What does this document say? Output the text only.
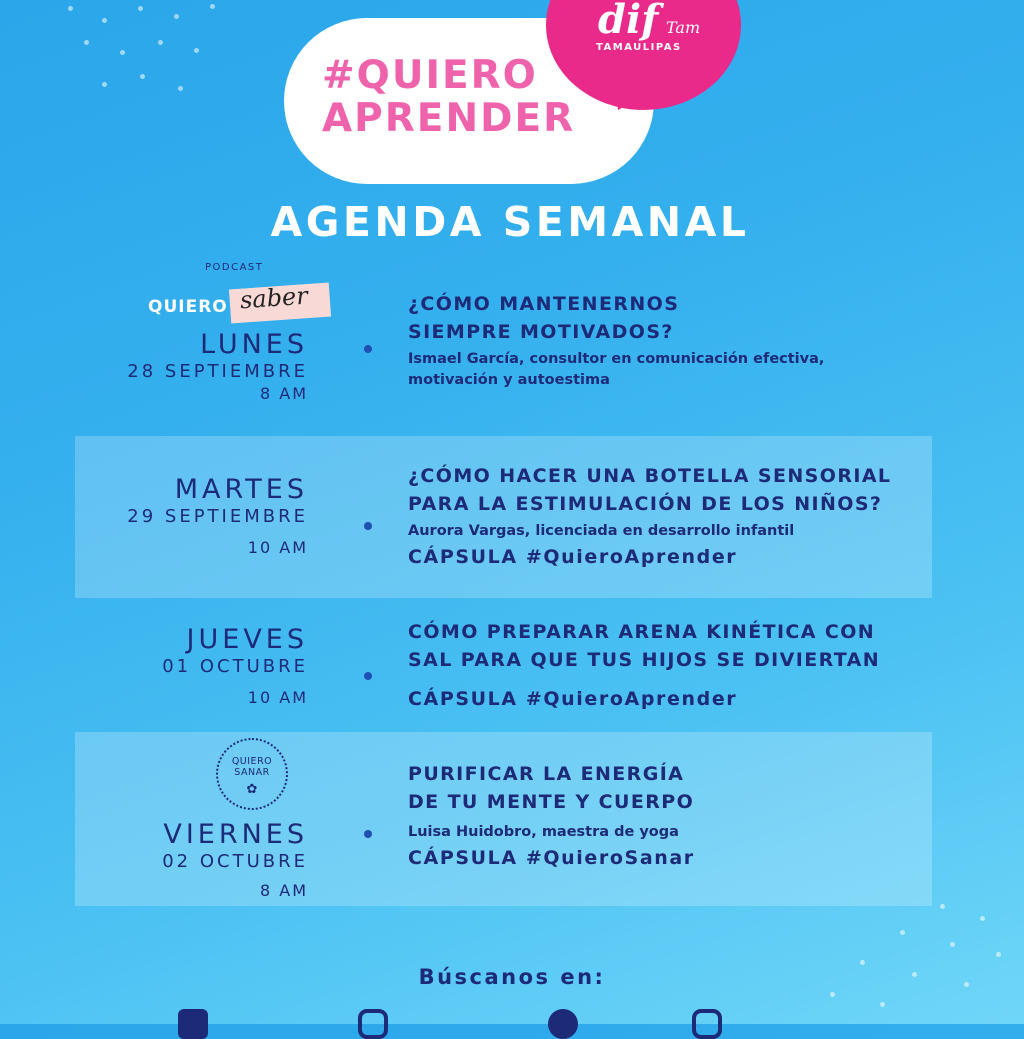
#QUIERO
APRENDER
dif Tam
TAMAULIPAS
AGENDA SEMANAL
PODCAST
QUIERO saber
LUNES
28 SEPTIEMBRE
8 AM
¿CÓMO MANTENERNOS
SIEMPRE MOTIVADOS?
Ismael García, consultor en comunicación efectiva,
motivación y autoestima
MARTES
29 SEPTIEMBRE
10 AM
¿CÓMO HACER UNA BOTELLA SENSORIAL
PARA LA ESTIMULACIÓN DE LOS NIÑOS?
Aurora Vargas, licenciada en desarrollo infantil
CÁPSULA #QuieroAprender
JUEVES
01 OCTUBRE
10 AM
CÓMO PREPARAR ARENA KINÉTICA CON
SAL PARA QUE TUS HIJOS SE DIVIERTAN
CÁPSULA #QuieroAprender
QUIERO
SANAR
✿
VIERNES
02 OCTUBRE
8 AM
PURIFICAR LA ENERGÍA
DE TU MENTE Y CUERPO
Luisa Huidobro, maestra de yoga
CÁPSULA #QuieroSanar
Búscanos en:
